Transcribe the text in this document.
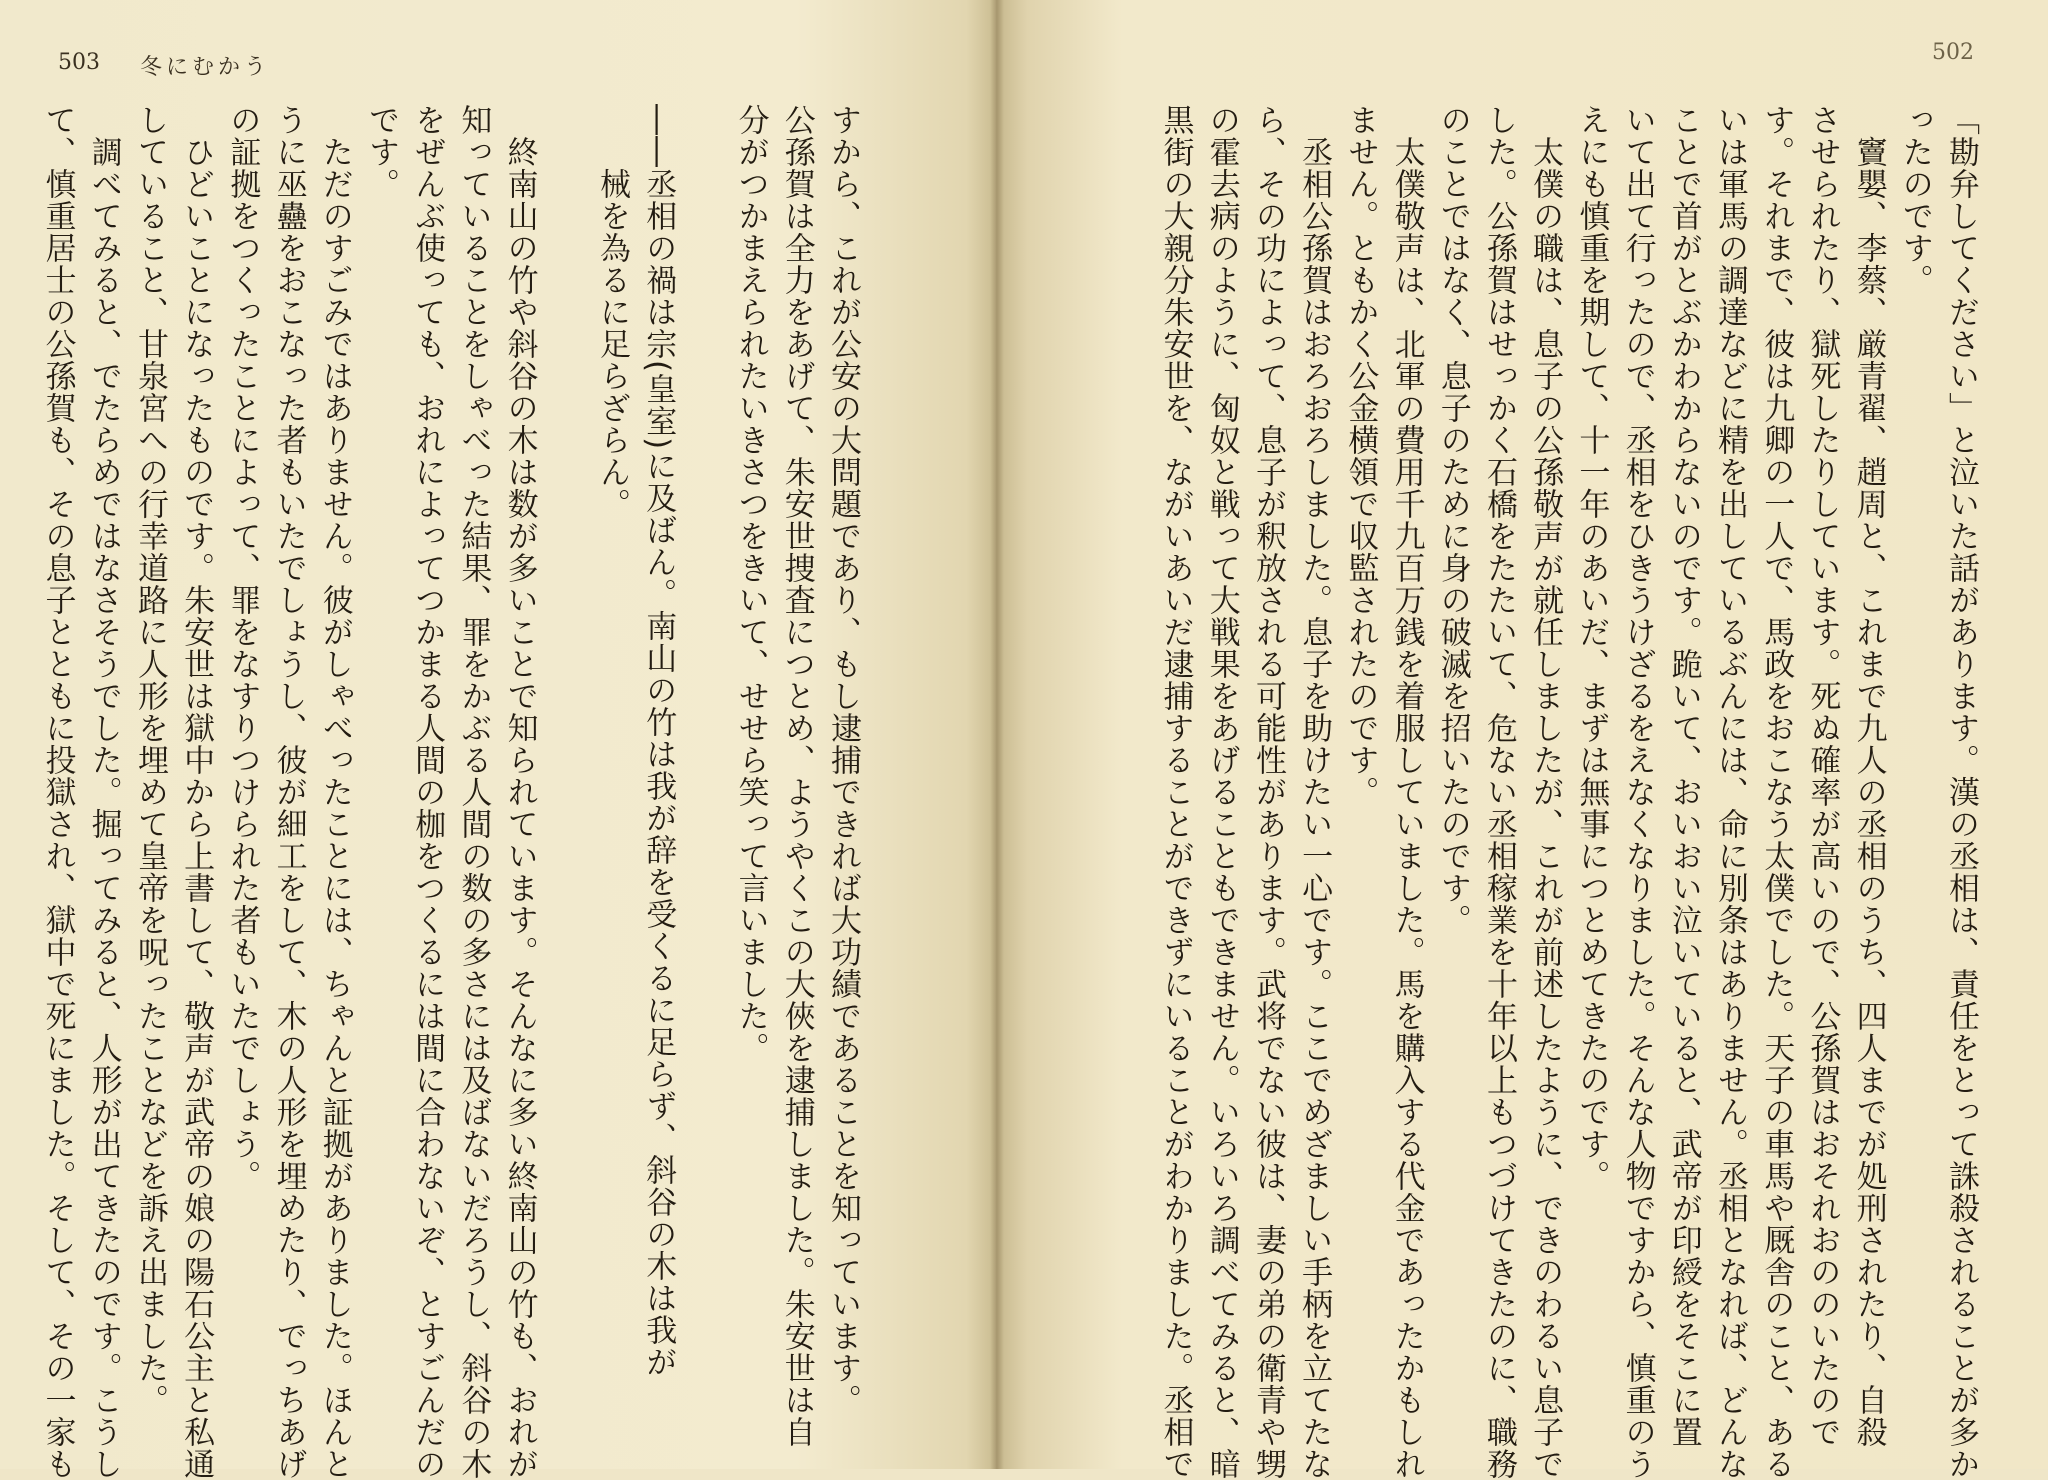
503 冬にむかう
502
「勘弁してください」と泣いた話があります。漢の丞相は、責任をとって誅殺されることが多か
ったのです。
　竇嬰、李蔡、厳青翟、趙周と、これまで九人の丞相のうち、四人までが処刑されたり、自殺
させられたり、獄死したりしています。死ぬ確率が高いので、公孫賀はおそれおののいたので
す。それまで、彼は九卿の一人で、馬政をおこなう太僕でした。天子の車馬や厩舎のこと、ある
いは軍馬の調達などに精を出しているぶんには、命に別条はありません。丞相となれば、どんな
ことで首がとぶかわからないのです。跪いて、おいおい泣いていると、武帝が印綬をそこに置
いて出て行ったので、丞相をひきうけざるをえなくなりました。そんな人物ですから、慎重のう
えにも慎重を期して、十一年のあいだ、まずは無事につとめてきたのです。
　太僕の職は、息子の公孫敬声が就任しましたが、これが前述したように、できのわるい息子で
した。公孫賀はせっかく石橋をたたいて、危ない丞相稼業を十年以上もつづけてきたのに、職務
のことではなく、息子のために身の破滅を招いたのです。
　太僕敬声は、北軍の費用千九百万銭を着服していました。馬を購入する代金であったかもしれ
ません。ともかく公金横領で収監されたのです。
　丞相公孫賀はおろおろしました。息子を助けたい一心です。ここでめざましい手柄を立てたな
ら、その功によって、息子が釈放される可能性があります。武将でない彼は、妻の弟の衛青や甥
の霍去病のように、匈奴と戦って大戦果をあげることもできません。いろいろ調べてみると、暗
黒街の大親分朱安世を、ながいあいだ逮捕することができずにいることがわかりました。丞相で
すから、これが公安の大問題であり、もし逮捕できれば大功績であることを知っています。
公孫賀は全力をあげて、朱安世捜査につとめ、ようやくこの大俠を逮捕しました。朱安世は自
分がつかまえられたいきさつをきいて、せせら笑って言いました。

――丞相の禍は宗(皇室)に及ばん。南山の竹は我が辞を受くるに足らず、斜谷の木は我が
　　械を為るに足らざらん。

　終南山の竹や斜谷の木は数が多いことで知られています。そんなに多い終南山の竹も、おれが
知っていることをしゃべった結果、罪をかぶる人間の数の多さには及ばないだろうし、斜谷の木
をぜんぶ使っても、おれによってつかまる人間の枷をつくるには間に合わないぞ、とすごんだの
です。
　ただのすごみではありません。彼がしゃべったことには、ちゃんと証拠がありました。ほんと
うに巫蠱をおこなった者もいたでしょうし、彼が細工をして、木の人形を埋めたり、でっちあげ
の証拠をつくったことによって、罪をなすりつけられた者もいたでしょう。
　ひどいことになったものです。朱安世は獄中から上書して、敬声が武帝の娘の陽石公主と私通
していること、甘泉宮への行幸道路に人形を埋めて皇帝を呪ったことなどを訴え出ました。
　調べてみると、でたらめではなさそうでした。掘ってみると、人形が出てきたのです。こうし
て、慎重居士の公孫賀も、その息子とともに投獄され、獄中で死にました。そして、その一家も
